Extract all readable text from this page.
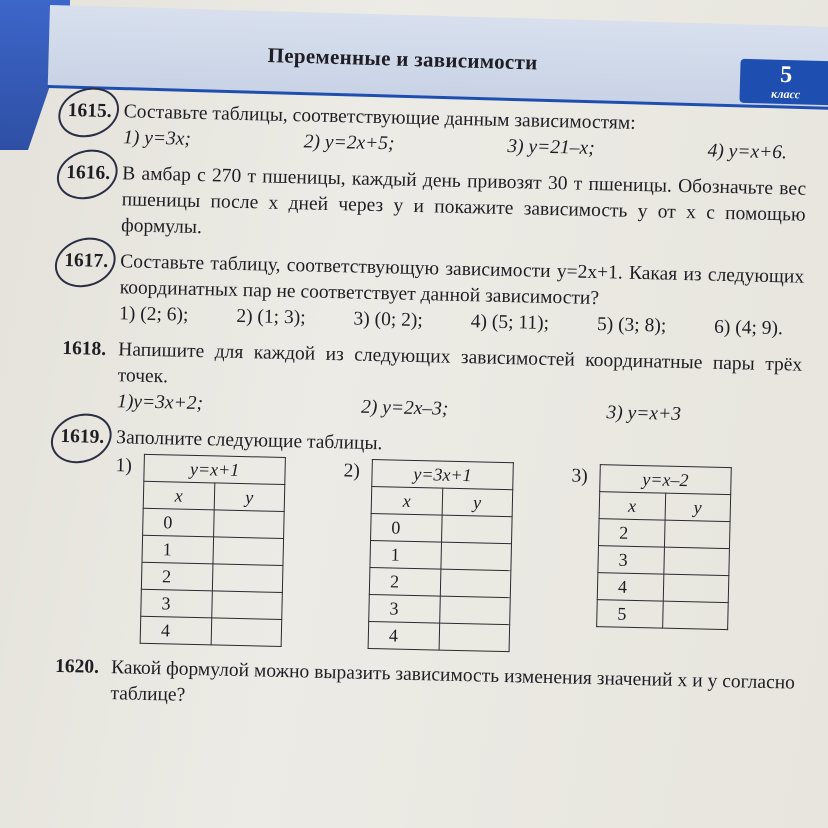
Переменные и зависимости
5
класс
1615. Составьте таблицы, соответствующие данным зависимостям:
1) y=3x;	2) y=2x+5;	3) y=21–x;	4) y=x+6.
1616. В амбар с 270 т пшеницы, каждый день привозят 30 т пшеницы. Обозначьте вес пшеницы после x дней через y и покажите зависимость y от x с помощью формулы.
1617. Составьте таблицу, соответствующую зависимости y=2x+1. Какая из следующих координатных пар не соответствует данной зависимости?
1) (2; 6); 2) (1; 3); 3) (0; 2); 4) (5; 11); 5) (3; 8); 6) (4; 9).
1618. Напишите для каждой из следующих зависимостей координатные пары трёх точек.
1)y=3x+2;	2) y=2x–3;	3) y=x+3
1619. Заполните следующие таблицы.
1)	y=x+1	
x	y
0	
1	
2	
3	
4	
2)	y=3x+1	
x	y
0	
1	
2	
3	
4	
3)	y=x–2	
x	y
2	
3	
4	
5	
1620. Какой формулой можно выразить зависимость изменения значений x и y согласно таблице?
